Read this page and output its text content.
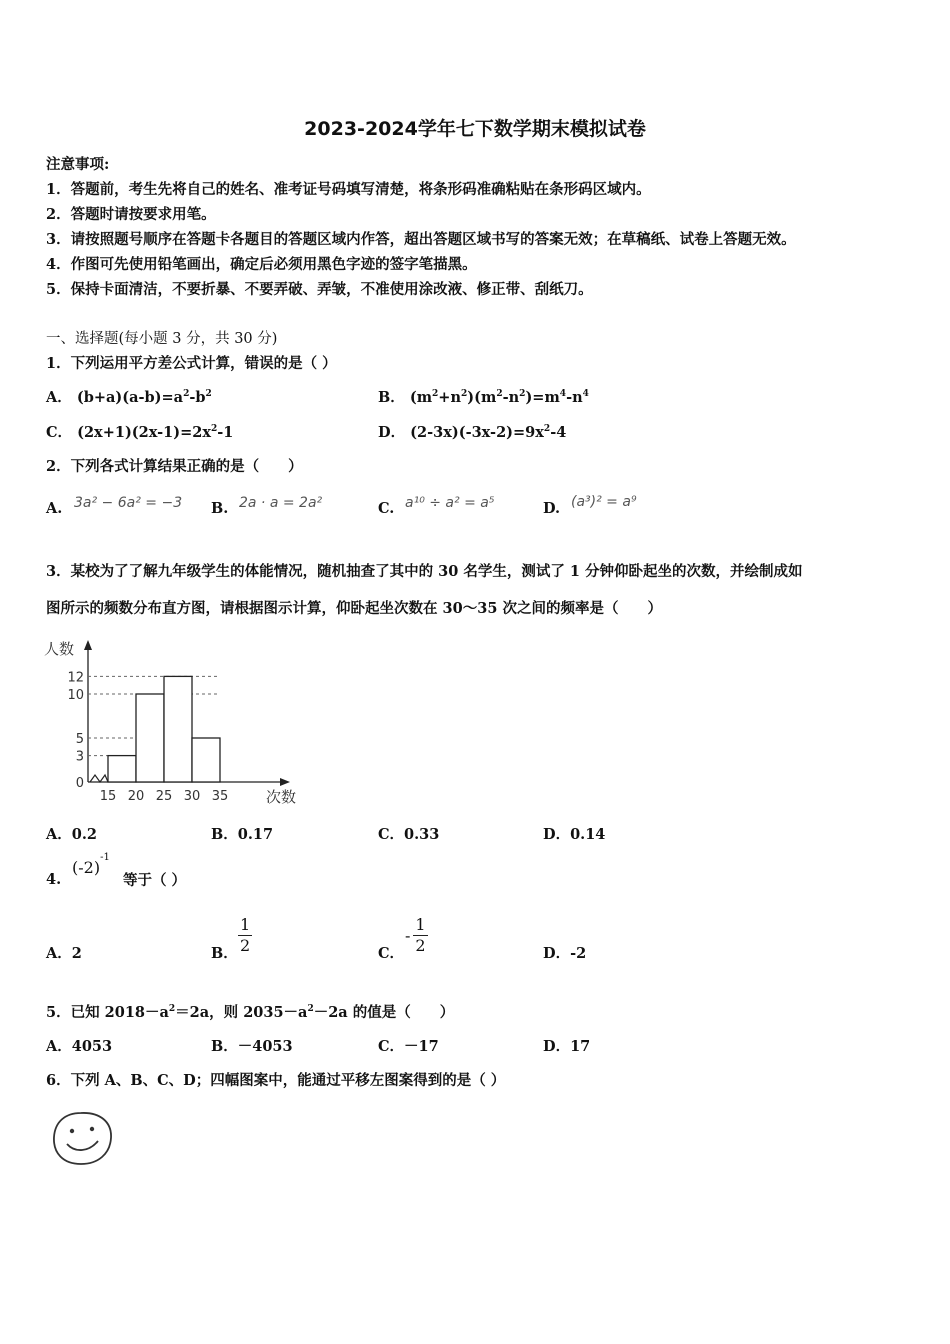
2023-2024学年七下数学期末模拟试卷
注意事项:
1．答题前，考生先将自己的姓名、准考证号码填写清楚，将条形码准确粘贴在条形码区域内。
2．答题时请按要求用笔。
3．请按照题号顺序在答题卡各题目的答题区域内作答，超出答题区域书写的答案无效；在草稿纸、试卷上答题无效。
4．作图可先使用铅笔画出，确定后必须用黑色字迹的签字笔描黑。
5．保持卡面清洁，不要折暴、不要弄破、弄皱，不准使用涂改液、修正带、刮纸刀。
一、选择题(每小题 3 分，共 30 分)
1．下列运用平方差公式计算，错误的是（ ）
A． $(b+a)(a-b)=a^2-b^2$	B． $(m^2+n^2)(m^2-n^2)=m^4-n^4$
C． $(2x+1)(2x-1)=2x^2-1$	D． $(2-3x)(-3x-2)=9x^2-4$
2．下列各式计算结果正确的是（　　）
A. 3a² − 6a² = −3 B. 2a · a = 2a²	C. a¹⁰ ÷ a² = a⁵	D. (a³)² = a⁹
3．某校为了了解九年级学生的体能情况，随机抽查了其中的 30 名学生，测试了 1 分钟仰卧起坐的次数，并绘制成如
图所示的频数分布直方图，请根据图示计算，仰卧起坐次数在 30～35 次之间的频率是（　　）
人数
次数
0
3
5
10
12
15 20 25 30 35
A．0.2	B．0.17	C．0.33	D．0.14
4.
$(-2)^{-1}$
等于（ ）
A．2	B． $\frac{1}{2}$	C．
- $\frac{1}{2}$	D．-2
5．已知 $2018-a^2=2a$，则 $2035-a^2-2a$ 的值是（　　）
A．4053	B．－4053	C．－17	D．17
6．下列 A、B、C、D；四幅图案中，能通过平移左图案得到的是（ ）
